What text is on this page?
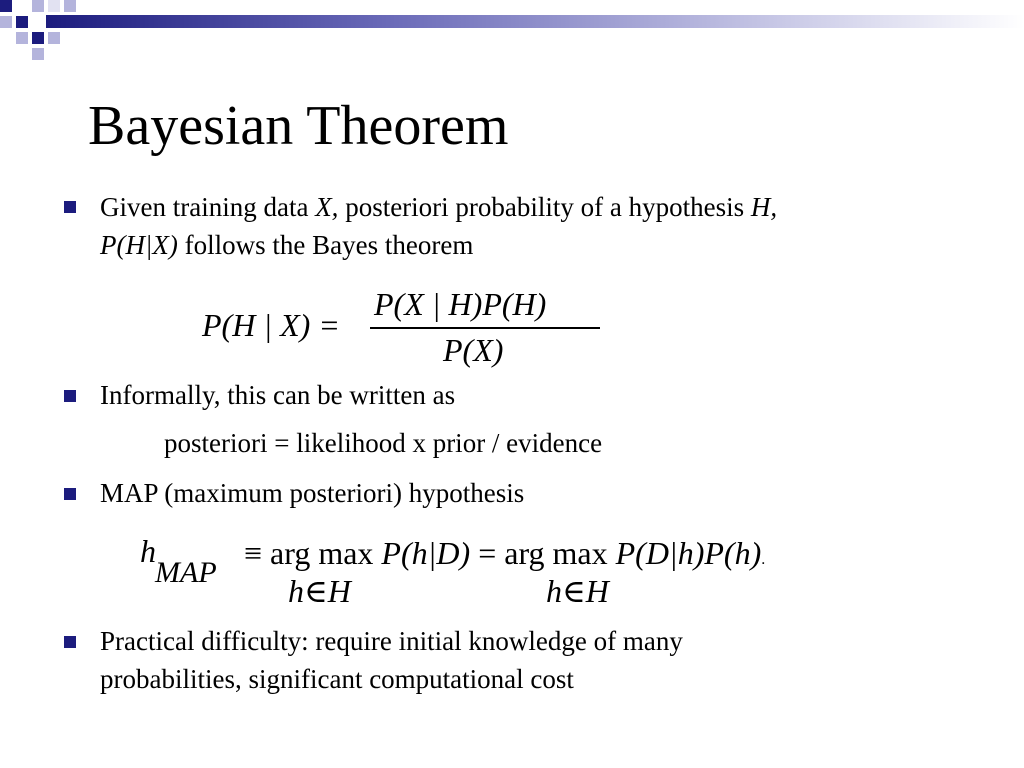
Bayesian Theorem
Given training data X, posteriori probability of a hypothesis H,
P(H|X) follows the Bayes theorem
P(H | X) =
P(X | H)P(H)
P(X)
Informally, this can be written as
posteriori = likelihood x prior / evidence
MAP (maximum posteriori) hypothesis
h
MAP
≡ arg max P(h|D) = arg max P(D|h)P(h).
h∈H	h∈H
Practical difficulty: require initial knowledge of many
probabilities, significant computational cost
